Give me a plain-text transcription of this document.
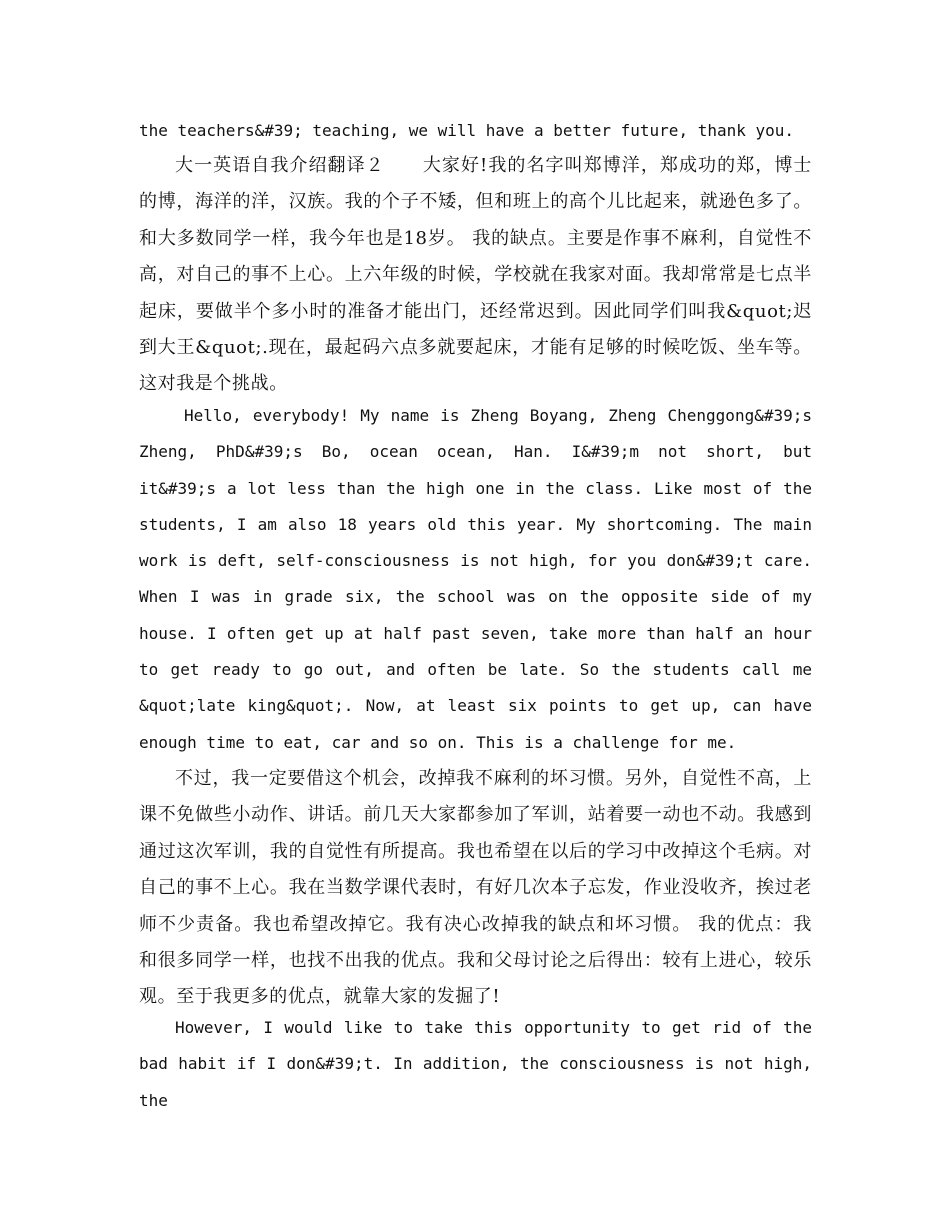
the teachers&#39; teaching, we will have a better future, thank you.

大一英语自我介绍翻译２　　大家好!我的名字叫郑博洋，郑成功的郑，博士的博，海洋的洋，汉族。我的个子不矮，但和班上的高个儿比起来，就逊色多了。和大多数同学一样，我今年也是18岁。 我的缺点。主要是作事不麻利，自觉性不高，对自己的事不上心。上六年级的时候，学校就在我家对面。我却常常是七点半起床，要做半个多小时的准备才能出门，还经常迟到。因此同学们叫我&quot;迟到大王&quot;.现在，最起码六点多就要起床，才能有足够的时候吃饭、坐车等。这对我是个挑战。

Hello, everybody! My name is Zheng Boyang, Zheng Chenggong&#39;s Zheng, PhD&#39;s Bo, ocean ocean, Han. I&#39;m not short, but it&#39;s a lot less than the high one in the class. Like most of the students, I am also 18 years old this year. My shortcoming. The main work is deft, self-consciousness is not high, for you don&#39;t care. When I was in grade six, the school was on the opposite side of my house. I often get up at half past seven, take more than half an hour to get ready to go out, and often be late. So the students call me &quot;late king&quot;. Now, at least six points to get up, can have enough time to eat, car and so on. This is a challenge for me.

不过，我一定要借这个机会，改掉我不麻利的坏习惯。另外，自觉性不高，上课不免做些小动作、讲话。前几天大家都参加了军训，站着要一动也不动。我感到通过这次军训，我的自觉性有所提高。我也希望在以后的学习中改掉这个毛病。对自己的事不上心。我在当数学课代表时，有好几次本子忘发，作业没收齐，挨过老师不少责备。我也希望改掉它。我有决心改掉我的缺点和坏习惯。 我的优点：我和很多同学一样，也找不出我的优点。我和父母讨论之后得出：较有上进心，较乐观。至于我更多的优点，就靠大家的发掘了!

However, I would like to take this opportunity to get rid of the bad habit if I don&#39;t. In addition, the consciousness is not high, the
